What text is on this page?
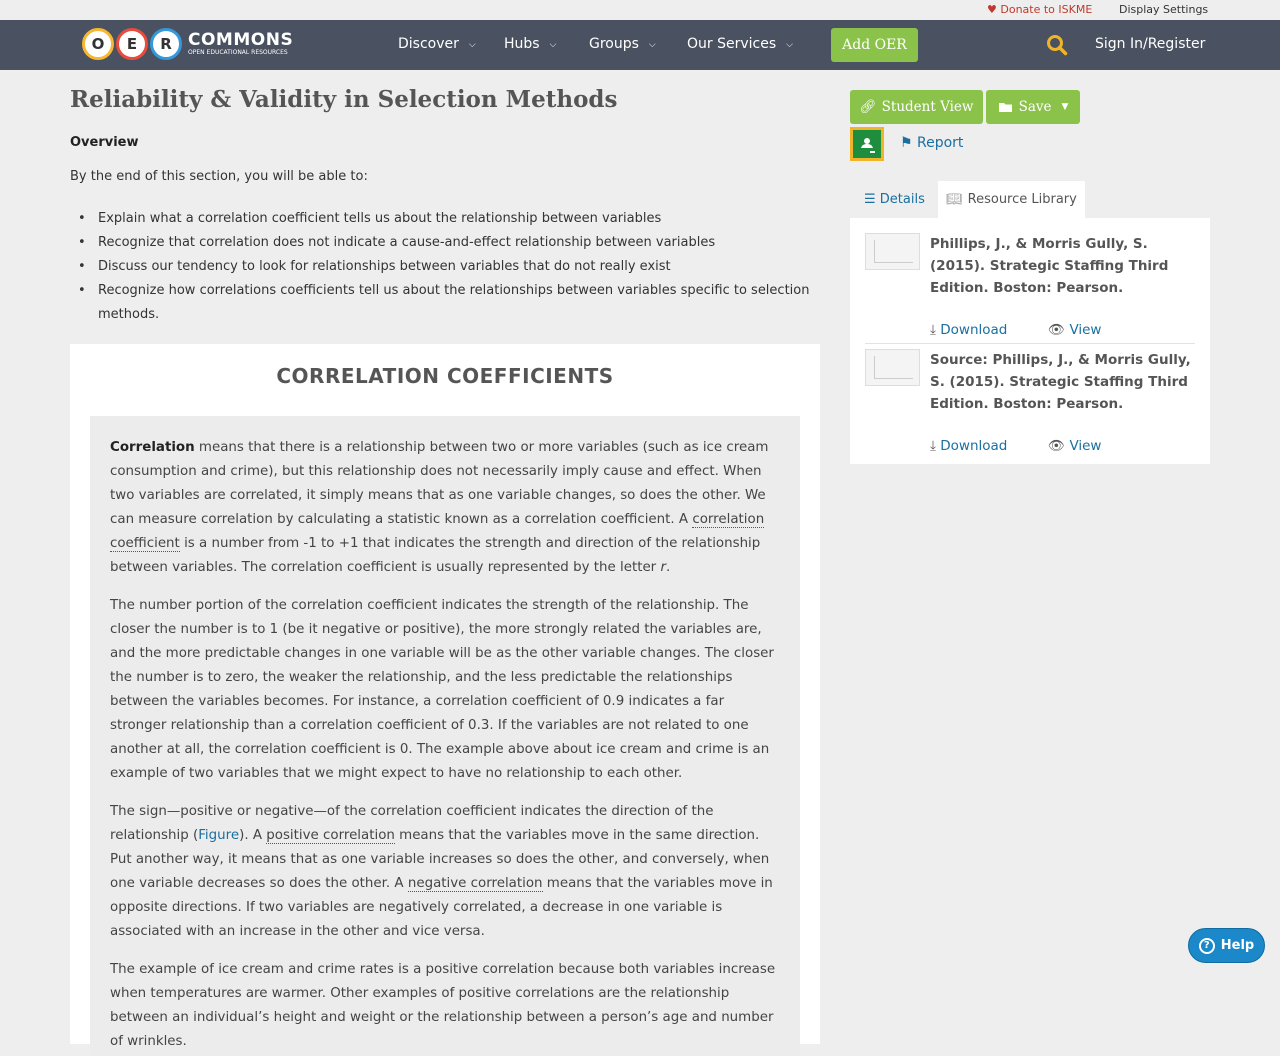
♥ Donate to ISKME Display Settings
O	E	R COMMONS
OPEN EDUCATIONAL RESOURCES
Discover ⌵ Hubs ⌵ Groups ⌵ Our Services ⌵	Add OER	Sign In/Register
Reliability & Validity in Selection Methods
Overview
By the end of this section, you will be able to:
• Explain what a correlation coefficient tells us about the relationship between variables
• Recognize that correlation does not indicate a cause-and-effect relationship between variables
• Discuss our tendency to look for relationships between variables that do not really exist
• Recognize how correlations coefficients tell us about the relationships between variables specific to selection methods.
CORRELATION COEFFICIENTS

Correlation means that there is a relationship between two or more variables (such as ice cream consumption and crime), but this relationship does not necessarily imply cause and effect. When two variables are correlated, it simply means that as one variable changes, so does the other. We can measure correlation by calculating a statistic known as a correlation coefficient. A correlation coefficient is a number from -1 to +1 that indicates the strength and direction of the relationship between variables. The correlation coefficient is usually represented by the letter r.

The number portion of the correlation coefficient indicates the strength of the relationship. The closer the number is to 1 (be it negative or positive), the more strongly related the variables are, and the more predictable changes in one variable will be as the other variable changes. The closer the number is to zero, the weaker the relationship, and the less predictable the relationships between the variables becomes. For instance, a correlation coefficient of 0.9 indicates a far stronger relationship than a correlation coefficient of 0.3. If the variables are not related to one another at all, the correlation coefficient is 0. The example above about ice cream and crime is an example of two variables that we might expect to have no relationship to each other.

The sign—positive or negative—of the correlation coefficient indicates the direction of the relationship (Figure). A positive correlation means that the variables move in the same direction. Put another way, it means that as one variable increases so does the other, and conversely, when one variable decreases so does the other. A negative correlation means that the variables move in opposite directions. If two variables are negatively correlated, a decrease in one variable is associated with an increase in the other and vice versa.

The example of ice cream and crime rates is a positive correlation because both variables increase when temperatures are warmer. Other examples of positive correlations are the relationship between an individual’s height and weight or the relationship between a person’s age and number of wrinkles.

🔗︎ Student View	Save ▼
⚑ Report
☰ Details 📖︎ Resource Library
Phillips, J., & Morris Gully, S. (2015). Strategic Staffing Third Edition. Boston: Pearson.
⤓ Download	👁︎ View
Source: Phillips, J., & Morris Gully, S. (2015). Strategic Staffing Third Edition. Boston: Pearson.
⤓ Download	👁︎ View
? Help
